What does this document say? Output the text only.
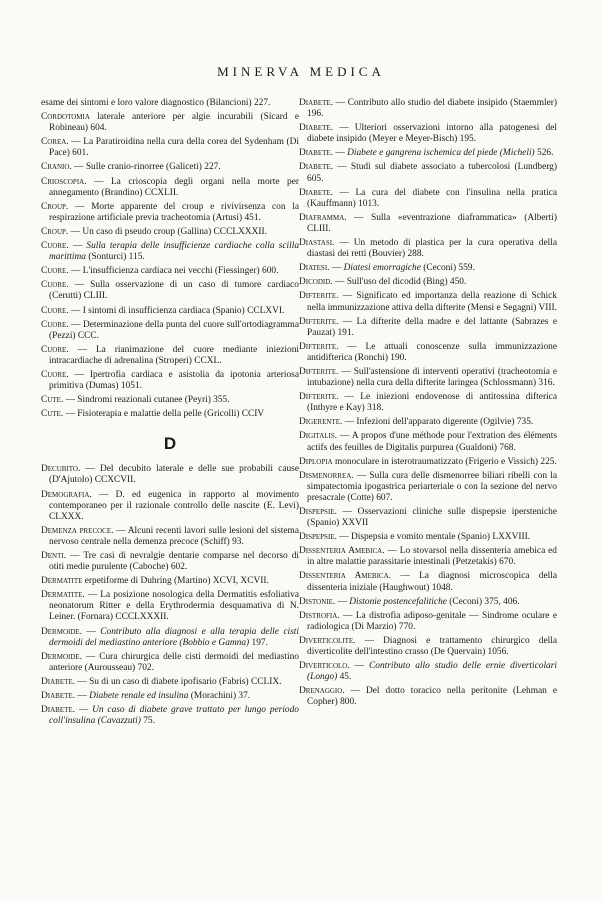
MINERVA MEDICA

esame dei sintomi e loro valore diagnostico (Bilancioni) 227.

Cordotomia laterale anteriore per algie incurabili (Sicard e Robineau) 604.

Corea. — La Paratiroidina nella cura della corea del Sydenham (Di Pace) 601.

Cranio. — Sulle cranio-rinorree (Galiceti) 227.

Crioscopia. — La crioscopia degli organi nella morte per annegamento (Brandino) CCXLII.

Croup. — Morte apparente del croup e rivivirsenza con la respirazione artificiale previa tracheotomia (Artusi) 451.

Croup. — Un caso di pseudo croup (Gallina) CCCLXXXII.

Cuore. — Sulla terapia delle insufficienze cardiache colla scilla marittima (Sonturci) 115.

Cuore. — L'insufficienza cardiaca nei vecchi (Fiessinger) 600.

Cuore. — Sulla osservazione di un caso di tumore cardiaco (Cerutti) CLIII.

Cuore. — I sintomi di insufficienza cardiaca (Spanio) CCLXVI.

Cuore. — Determinazione della punta del cuore sull'ortodiagramma (Pezzi) CCC.

Cuore. — La rianimazione del cuore mediante iniezioni intracardiache di adrenalina (Stroperi) CCXL.

Cuore. — Ipertrofia cardiaca e asistolia da ipotonia arteriosa primitiva (Dumas) 1051.

Cute. — Sindromi reazionali cutanee (Peyri) 355.

Cute. — Fisioterapia e malattie della pelle (Gricolli) CCIV

D

Decubito. — Del decubito laterale e delle sue probabili cause (D'Ajutolo) CCXCVII.

Demografia. — D. ed eugenica in rapporto al movimento contemporaneo per il razionale controllo delle nascite (E. Levi) CLXXX.

Demenza precoce. — Alcuni recenti lavori sulle lesioni del sistema nervoso centrale nella demenza precoce (Schiff) 93.

Denti. — Tre casi di nevralgie dentarie comparse nel decorso di otiti medie purulente (Caboche) 602.

Dermatite erpetiforme di Duhring (Martino) XCVI, XCVII.

Dermatite. — La posizione nosologica della Dermatitis esfoliativa neonatorum Ritter e della Erythrodermia desquamativa di N. Leiner. (Fornara) CCCLXXXII.

Dermoide. — Contributo alla diagnosi e alla terapia delle cisti dermoidi del mediastino anteriore (Bobbio e Gamna) 197.

Dermoide. — Cura chirurgica delle cisti dermoidi del mediastino anteriore (Aurousseau) 702.

Diabete. — Su di un caso di diabete ipofisario (Fabris) CCLIX.

Diabete. — Diabete renale ed insulina (Morachini) 37.

Diabete. — Un caso di diabete grave trattato per lungo periodo coll'insulina (Cavazzuti) 75.

Diabete. — Contributo allo studio del diabete insipido (Staemmler) 196.

Diabete. — Ulteriori osservazioni intorno alla patogenesi del diabete insipido (Meyer e Meyer-Bisch) 195.

Diabete. — Diabete e gangrena ischemica del piede (Micheli) 526.

Diabete. — Studi sul diabete associato a tubercolosi (Lundberg) 605.

Diabete. — La cura del diabete con l'insulina nella pratica (Kauffmann) 1013.

Diaframma. — Sulla «eventrazione diaframmatica» (Alberti) CLIII.

Diastasi. — Un metodo di plastica per la cura operativa della diastasi dei retti (Bouvier) 288.

Diatesi. — Diatesi emorragiche (Ceconi) 559.

Dicodid. — Sull'uso del dicodid (Bing) 450.

Difterite. — Significato ed importanza della reazione di Schick nella immunizzazione attiva della difterite (Mensi e Segagni) VIII.

Difterite. — La difterite della madre e del lattante (Sabrazes e Pauzat) 191.

Difterite. — Le attuali conoscenze sulla immunizzazione antidifterica (Ronchi) 190.

Difterite. — Sull'astensione di interventi operativi (tracheotomia e intubazione) nella cura della difterite laringea (Schlossmann) 316.

Difterite. — Le iniezioni endovenose di antitossina difterica (Inthyre e Kay) 318.

Digerente. — Infezioni dell'apparato digerente (Ogilvie) 735.

Digitalis. — A propos d'une méthode pour l'extration des éléments actifs des feuilles de Digitalis purpurea (Gualdoni) 768.

Diplopia monoculare in isterotraumatizzato (Frigerio e Vissich) 225.

Dismenorrea. — Sulla cura delle dismenorree biliari ribelli con la simpatectomia ipogastrica periarteriale o con la sezione del nervo presacrale (Cotte) 607.

Dispepsie. — Osservazioni cliniche sulle dispepsie ipersteniche (Spanio) XXVII

Dispepsie. — Dispepsia e vomito mentale (Spanio) LXXVIII.

Dissenteria Amebica. — Lo stovarsol nella dissenteria amebica ed in altre malattie parassitarie intestinali (Petzetakis) 670.

Dissenteria Amebica. — La diagnosi microscopica della dissenteria iniziale (Haughwout) 1048.

Distonie. — Distonie postencefalitiche (Ceconi) 375, 406.

Distrofia. — La distrofia adiposo-genitale — Sindrome oculare e radiologica (Di Marzio) 770.

Diverticolite. — Diagnosi e trattamento chirurgico della diverticolite dell'intestino crasso (De Quervain) 1056.

Diverticolo. — Contributo allo studio delle ernie diverticolari (Longo) 45.

Drenaggio. — Del dotto toracico nella peritonite (Lehman e Copher) 800.
